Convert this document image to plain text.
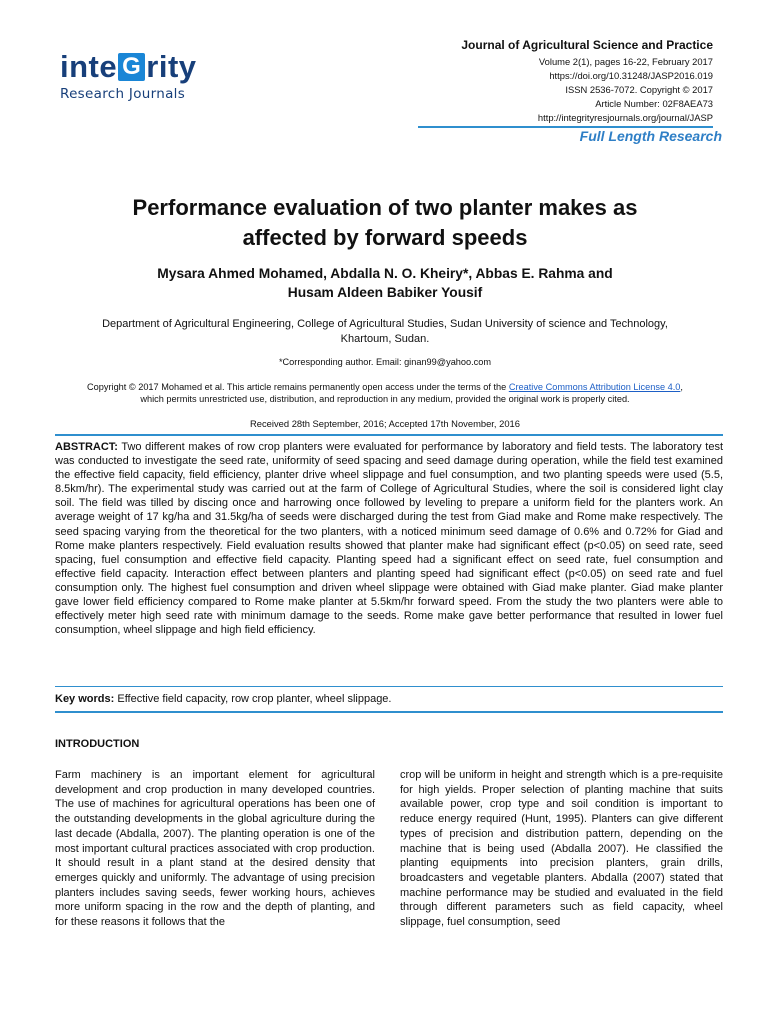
inte G rity
Research Journals
Journal of Agricultural Science and Practice
Volume 2(1), pages 16-22, February 2017
https://doi.org/10.31248/JASP2016.019
ISSN 2536-7072. Copyright © 2017
Article Number: 02F8AEA73
http://integrityresjournals.org/journal/JASP
Full Length Research
Performance evaluation of two planter makes as
affected by forward speeds
Mysara Ahmed Mohamed, Abdalla N. O. Kheiry*, Abbas E. Rahma and
Husam Aldeen Babiker Yousif
Department of Agricultural Engineering, College of Agricultural Studies, Sudan University of science and Technology,
Khartoum, Sudan.
*Corresponding author. Email: ginan99@yahoo.com
Copyright © 2017 Mohamed et al. This article remains permanently open access under the terms of the Creative Commons Attribution License 4.0,
which permits unrestricted use, distribution, and reproduction in any medium, provided the original work is properly cited.
Received 28th September, 2016; Accepted 17th November, 2016
ABSTRACT: Two different makes of row crop planters were evaluated for performance by laboratory and field tests. The laboratory test was conducted to investigate the seed rate, uniformity of seed spacing and seed damage during operation, while the field test examined the effective field capacity, field efficiency, planter drive wheel slippage and fuel consumption, and two planting speeds were used (5.5, 8.5km/hr). The experimental study was carried out at the farm of College of Agricultural Studies, where the soil is considered light clay soil. The field was tilled by discing once and harrowing once followed by leveling to prepare a uniform field for the planters work. An average weight of 17 kg/ha and 31.5kg/ha of seeds were discharged during the test from Giad make and Rome make respectively. The seed spacing varying from the theoretical for the two planters, with a noticed minimum seed damage of 0.6% and 0.72% for Giad and Rome make planters respectively. Field evaluation results showed that planter make had significant effect (p<0.05) on seed rate, seed spacing, fuel consumption and effective field capacity. Planting speed had a significant effect on seed rate, fuel consumption and effective field capacity. Interaction effect between planters and planting speed had significant effect (p<0.05) on seed rate and fuel consumption only. The highest fuel consumption and driven wheel slippage were obtained with Giad make planter. Giad make planter gave lower field efficiency compared to Rome make planter at 5.5km/hr forward speed. From the study the two planters were able to effectively meter high seed rate with minimum damage to the seeds. Rome make gave better performance that resulted in lower fuel consumption, wheel slippage and high field efficiency.
Key words: Effective field capacity, row crop planter, wheel slippage.
INTRODUCTION
Farm machinery is an important element for agricultural development and crop production in many developed countries. The use of machines for agricultural operations has been one of the outstanding developments in the global agriculture during the last decade (Abdalla, 2007). The planting operation is one of the most important cultural practices associated with crop production. It should result in a plant stand at the desired density that emerges quickly and uniformly. The advantage of using precision planters includes saving seeds, fewer working hours, achieves more uniform spacing in the row and the depth of planting, and for these reasons it follows that the
crop will be uniform in height and strength which is a pre-requisite for high yields. Proper selection of planting machine that suits available power, crop type and soil condition is important to reduce energy required (Hunt, 1995). Planters can give different types of precision and distribution pattern, depending on the machine that is being used (Abdalla 2007). He classified the planting equipments into precision planters, grain drills, broadcasters and vegetable planters. Abdalla (2007) stated that machine performance may be studied and evaluated in the field through different parameters such as field capacity, wheel slippage, fuel consumption, seed
